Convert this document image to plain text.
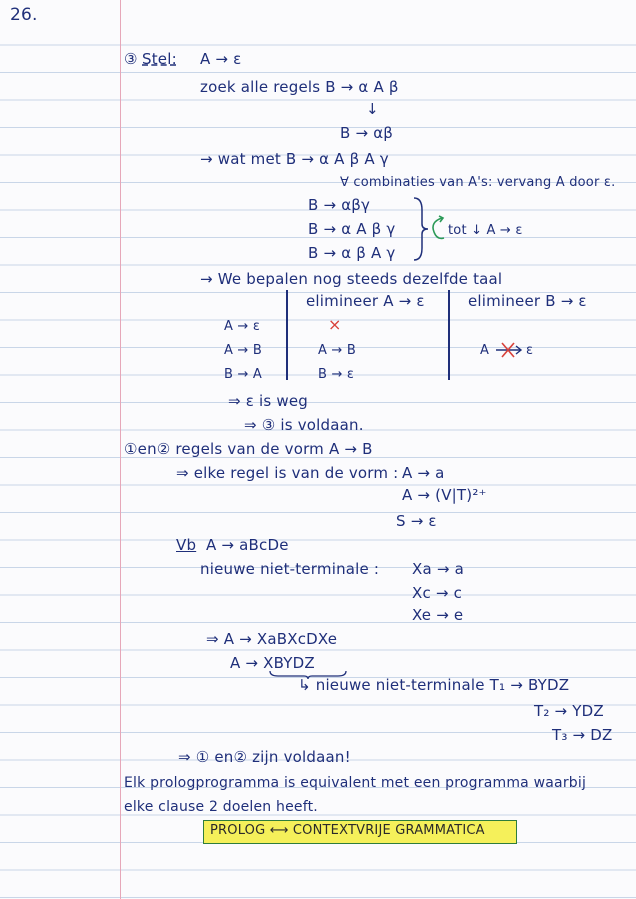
26.
③ Stel: A → ε
zoek alle regels B → α A β
↓
B → αβ
→ wat met B → α A β A γ
∀ combinaties van A's: vervang A door ε.
B → αβγ
B → α A β γ
B → α β A γ
tot ↓ A → ε
→ We bepalen nog steeds dezelfde taal
elimineer A → ε	elimineer B → ε
A → ε
A → B
B → A
×
A → B
B → ε
A	ε
⇒ ε is weg
⇒ ③ is voldaan.
①en② regels van de vorm A → B
⇒ elke regel is van de vorm : A → a
A → (V|T)²⁺
S → ε
Vb A → aBcDe
nieuwe niet-terminale : Xa → a
Xc → c
Xe → e
⇒ A → XaBXcDXe
A → XBYDZ
↳ nieuwe niet-terminale T₁ → BYDZ
T₂ → YDZ
T₃ → DZ
⇒ ① en② zijn voldaan!
Elk prologprogramma is equivalent met een programma waarbij
elke clause 2 doelen heeft.
PROLOG ⟷ CONTEXTVRIJE GRAMMATICA
